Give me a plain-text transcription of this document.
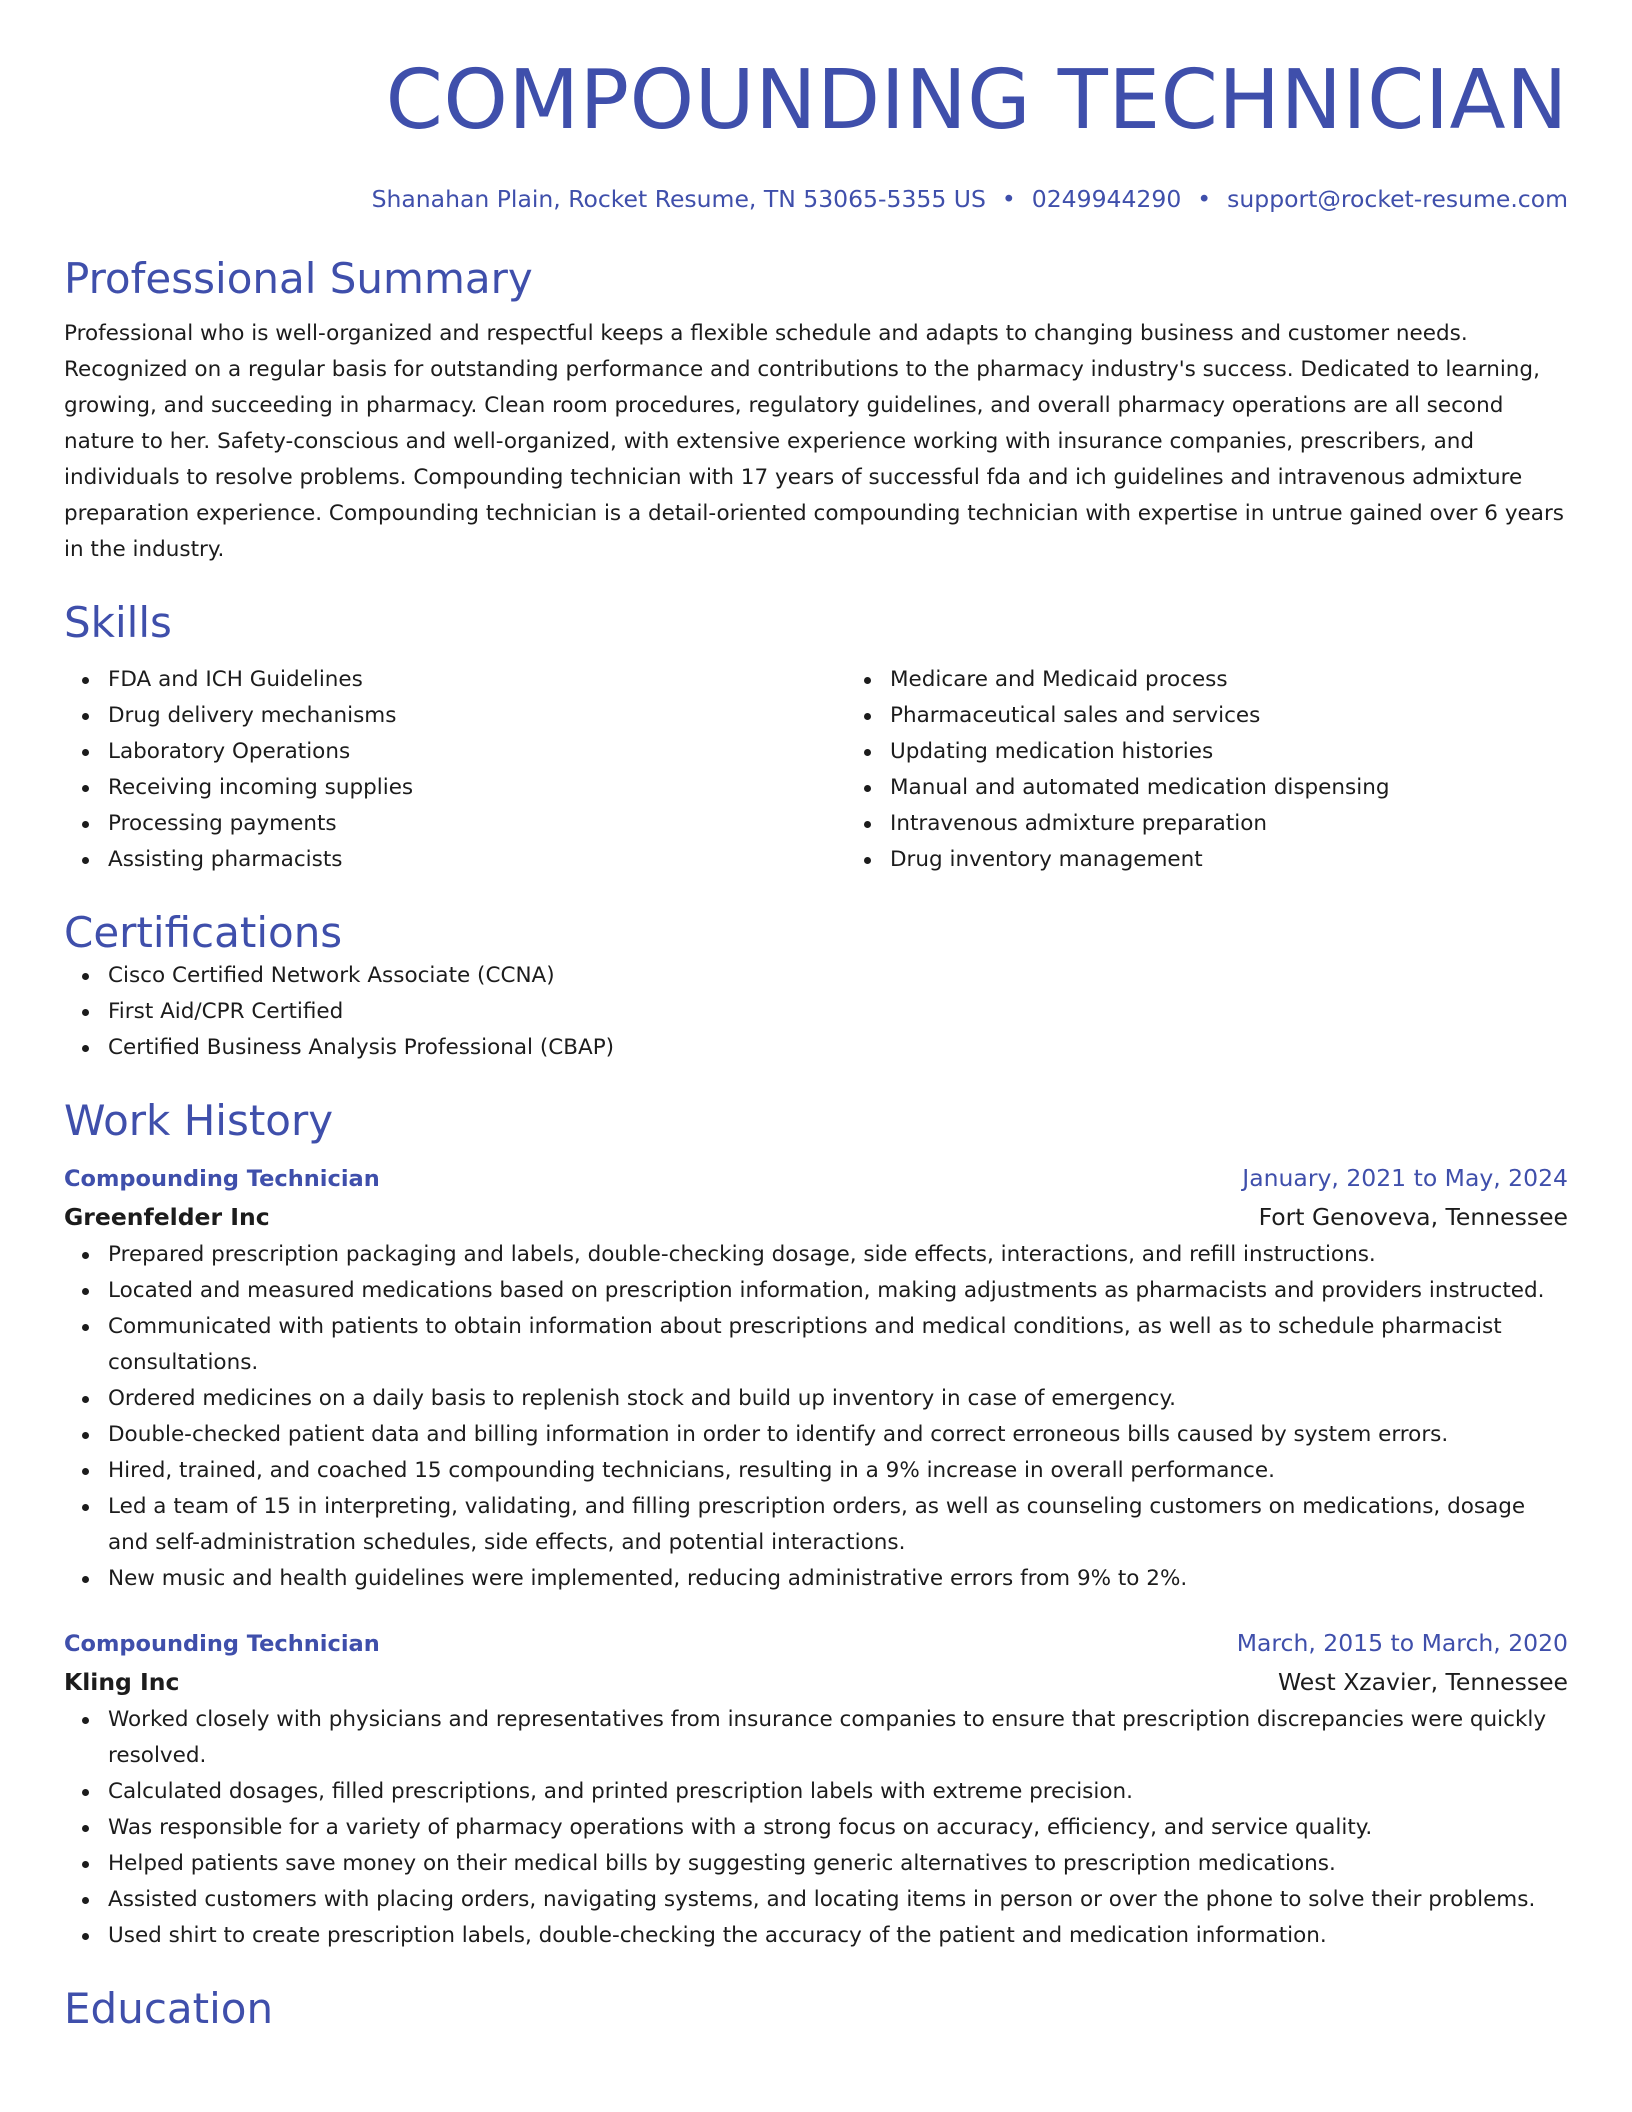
COMPOUNDING TECHNICIAN
Shanahan Plain, Rocket Resume, TN 53065-5355 US • 0249944290 • support@rocket-resume.com
Professional Summary
Professional who is well-organized and respectful keeps a flexible schedule and adapts to changing business and customer needs. Recognized on a regular basis for outstanding performance and contributions to the pharmacy industry's success. Dedicated to learning, growing, and succeeding in pharmacy. Clean room procedures, regulatory guidelines, and overall pharmacy operations are all second nature to her. Safety-conscious and well-organized, with extensive experience working with insurance companies, prescribers, and individuals to resolve problems. Compounding technician with 17 years of successful fda and ich guidelines and intravenous admixture preparation experience. Compounding technician is a detail-oriented compounding technician with expertise in untrue gained over 6 years in the industry.
Skills
FDA and ICH Guidelines
Drug delivery mechanisms
Laboratory Operations
Receiving incoming supplies
Processing payments
Assisting pharmacists
Medicare and Medicaid process
Pharmaceutical sales and services
Updating medication histories
Manual and automated medication dispensing
Intravenous admixture preparation
Drug inventory management
Certifications
Cisco Certified Network Associate (CCNA)
First Aid/CPR Certified
Certified Business Analysis Professional (CBAP)
Work History
Compounding Technician	January, 2021 to May, 2024
Greenfelder Inc	Fort Genoveva, Tennessee
Prepared prescription packaging and labels, double-checking dosage, side effects, interactions, and refill instructions.
Located and measured medications based on prescription information, making adjustments as pharmacists and providers instructed.
Communicated with patients to obtain information about prescriptions and medical conditions, as well as to schedule pharmacist consultations.
Ordered medicines on a daily basis to replenish stock and build up inventory in case of emergency.
Double-checked patient data and billing information in order to identify and correct erroneous bills caused by system errors.
Hired, trained, and coached 15 compounding technicians, resulting in a 9% increase in overall performance.
Led a team of 15 in interpreting, validating, and filling prescription orders, as well as counseling customers on medications, dosage and self-administration schedules, side effects, and potential interactions.
New music and health guidelines were implemented, reducing administrative errors from 9% to 2%.
Compounding Technician	March, 2015 to March, 2020
Kling Inc	West Xzavier, Tennessee
Worked closely with physicians and representatives from insurance companies to ensure that prescription discrepancies were quickly resolved.
Calculated dosages, filled prescriptions, and printed prescription labels with extreme precision.
Was responsible for a variety of pharmacy operations with a strong focus on accuracy, efficiency, and service quality.
Helped patients save money on their medical bills by suggesting generic alternatives to prescription medications.
Assisted customers with placing orders, navigating systems, and locating items in person or over the phone to solve their problems.
Used shirt to create prescription labels, double-checking the accuracy of the patient and medication information.
Education
